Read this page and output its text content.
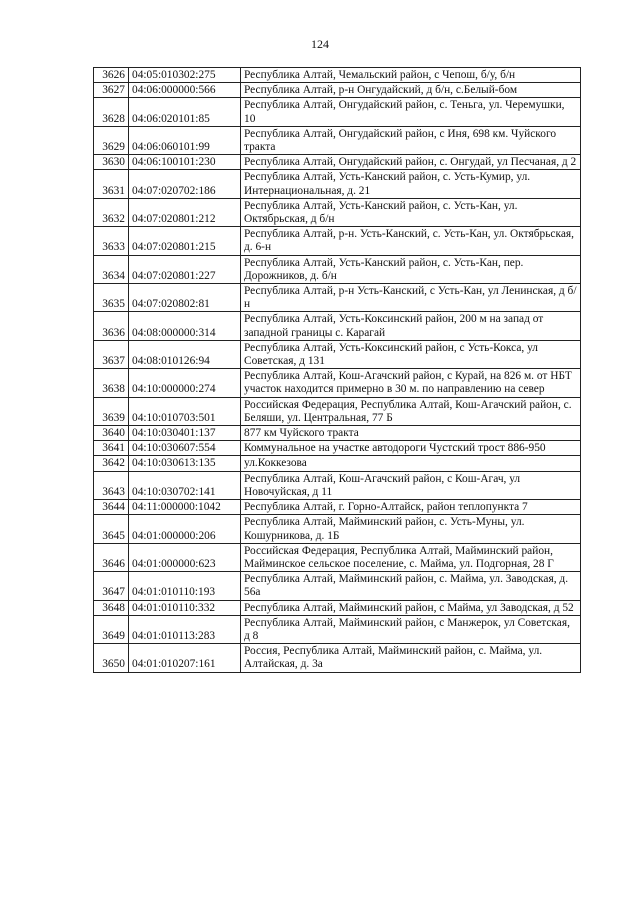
124
3626	04:05:010302:275	Республика Алтай, Чемальский район, с Чепош, б/у, б/н
3627	04:06:000000:566	Республика Алтай, р-н Онгудайский, д б/н, с.Белый-бом
3628	04:06:020101:85	Республика Алтай, Онгудайский район, с. Теньга, ул. Черемушки, 10
3629	04:06:060101:99	Республика Алтай, Онгудайский район, с Иня, 698 км. Чуйского тракта
3630	04:06:100101:230	Республика Алтай, Онгудайский район, с. Онгудай, ул Песчаная, д 2
3631	04:07:020702:186	Республика Алтай, Усть-Канский район, с. Усть-Кумир, ул. Интернациональная, д. 21
3632	04:07:020801:212	Республика Алтай, Усть-Канский район, с. Усть-Кан, ул. Октябрьская, д б/н
3633	04:07:020801:215	Республика Алтай, р-н. Усть-Канский, с. Усть-Кан, ул. Октябрьская, д. 6-н
3634	04:07:020801:227	Республика Алтай, Усть-Канский район, с. Усть-Кан, пер. Дорожников, д. б/н
3635	04:07:020802:81	Республика Алтай, р-н Усть-Канский, с Усть-Кан, ул Ленинская, д б/н
3636	04:08:000000:314	Республика Алтай, Усть-Коксинский район, 200 м на запад от западной границы с. Карагай
3637	04:08:010126:94	Республика Алтай, Усть-Коксинский район, с Усть-Кокса, ул Советская, д 131
3638	04:10:000000:274	Республика Алтай, Кош-Агачский район, с Курай, на 826 м. от НБТ участок находится примерно в 30 м. по направлению на север
3639	04:10:010703:501	Российская Федерация, Республика Алтай, Кош-Агачский район, с. Беляши, ул. Центральная, 77 Б
3640	04:10:030401:137	877 км Чуйского тракта
3641	04:10:030607:554	Коммунальное на участке автодороги Чустский трост 886-950
3642	04:10:030613:135	ул.Коккезова
3643	04:10:030702:141	Республика Алтай, Кош-Агачский район, с Кош-Агач, ул Новочуйская, д 11
3644	04:11:000000:1042	Республика Алтай, г. Горно-Алтайск, район теплопункта 7
3645	04:01:000000:206	Республика Алтай, Майминский район, с. Усть-Муны, ул. Кошурникова, д. 1Б
3646	04:01:000000:623	Российская Федерация, Республика Алтай, Майминский район, Майминское сельское поселение, с. Майма, ул. Подгорная, 28 Г
3647	04:01:010110:193	Республика Алтай, Майминский район, с. Майма, ул. Заводская, д. 56а
3648	04:01:010110:332	Республика Алтай, Майминский район, с Майма, ул Заводская, д 52
3649	04:01:010113:283	Республика Алтай, Майминский район, с Манжерок, ул Советская, д 8
3650	04:01:010207:161	Россия, Республика Алтай, Майминский район, с. Майма, ул. Алтайская, д. 3а
